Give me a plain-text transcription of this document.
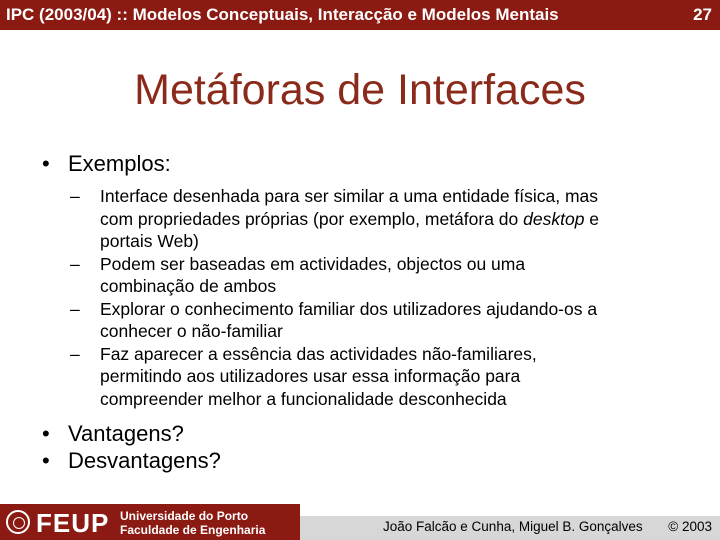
IPC (2003/04) :: Modelos Conceptuais, Interacção e Modelos Mentais	27
Metáforas de Interfaces
• Exemplos:
– Interface desenhada para ser similar a uma entidade física, mas
com propriedades próprias (por exemplo, metáfora do desktop e
portais Web)
– Podem ser baseadas em actividades, objectos ou uma
combinação de ambos
– Explorar o conhecimento familiar dos utilizadores ajudando-os a
conhecer o não-familiar
– Faz aparecer a essência das actividades não-familiares,
permitindo aos utilizadores usar essa informação para
compreender melhor a funcionalidade desconhecida
• Vantagens?
• Desvantagens?
FEUP Universidade do Porto
Faculdade de Engenharia	João Falcão e Cunha, Miguel B. Gonçalves © 2003
